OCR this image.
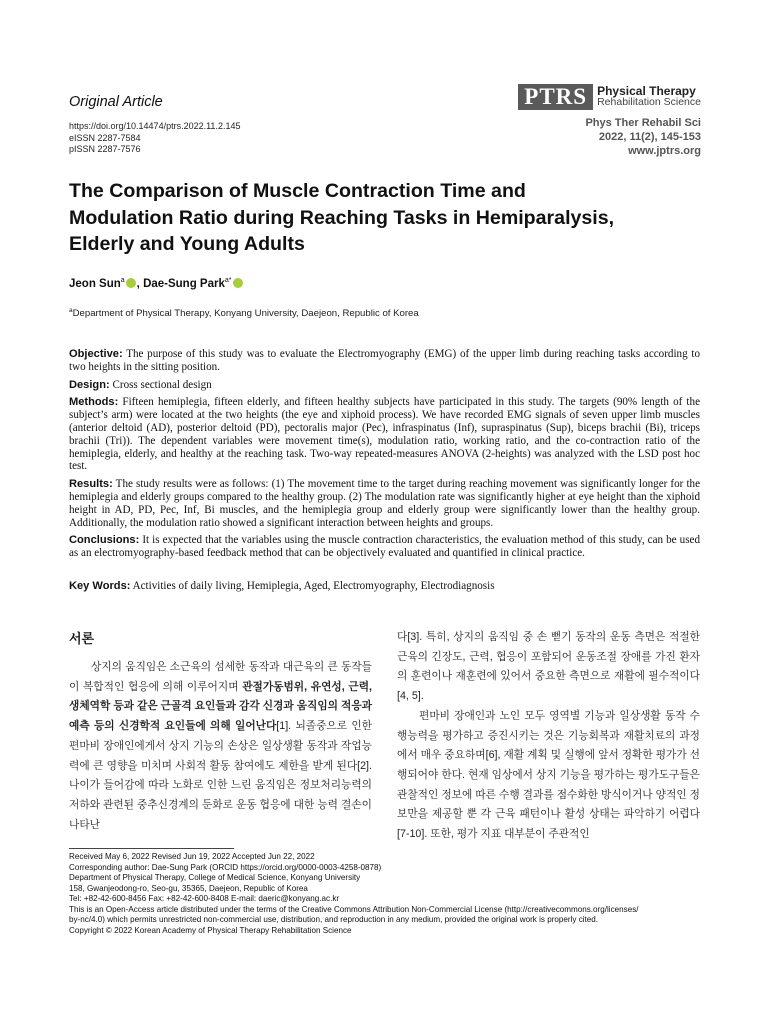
Original Article
https://doi.org/10.14474/ptrs.2022.11.2.145
eISSN 2287-7584
pISSN 2287-7576
PTRS Physical Therapy
Rehabilitation Science
Phys Ther Rehabil Sci
2022, 11(2), 145-153
www.jptrs.org
The Comparison of Muscle Contraction Time and
Modulation Ratio during Reaching Tasks in Hemiparalysis,
Elderly and Young Adults
Jeon Sun$^a$ , Dae-Sung Park$^{a*}$
$^a$Department of Physical Therapy, Konyang University, Daejeon, Republic of Korea

Objective: The purpose of this study was to evaluate the Electromyography (EMG) of the upper limb during reaching tasks according to two heights in the sitting position.

Design: Cross sectional design

Methods: Fifteen hemiplegia, fifteen elderly, and fifteen healthy subjects have participated in this study. The targets (90% length of the subject’s arm) were located at the two heights (the eye and xiphoid process). We have recorded EMG signals of seven upper limb muscles (anterior deltoid (AD), posterior deltoid (PD), pectoralis major (Pec), infraspinatus (Inf), supraspinatus (Sup), biceps brachii (Bi), triceps brachii (Tri)). The dependent variables were movement time(s), modulation ratio, working ratio, and the co-contraction ratio of the hemiplegia, elderly, and healthy at the reaching task. Two-way repeated-measures ANOVA (2-heights) was analyzed with the LSD post hoc test.

Results: The study results were as follows: (1) The movement time to the target during reaching movement was significantly longer for the hemiplegia and elderly groups compared to the healthy group. (2) The modulation rate was significantly higher at eye height than the xiphoid height in AD, PD, Pec, Inf, Bi muscles, and the hemiplegia group and elderly group were significantly lower than the healthy group. Additionally, the modulation ratio showed a significant interaction between heights and groups.

Conclusions: It is expected that the variables using the muscle contraction characteristics, the evaluation method of this study, can be used as an electromyography-based feedback method that can be objectively evaluated and quantified in clinical practice.

Key Words: Activities of daily living, Hemiplegia, Aged, Electromyography, Electrodiagnosis
서론

상지의 움직임은 소근육의 섬세한 동작과 대근육의 큰 동작들이 복합적인 협응에 의해 이루어지며 관절가동범위, 유연성, 근력, 생체역학 등과 같은 근골격 요인들과 감각 신경과 움직임의 적응과 예측 등의 신경학적 요인들에 의해 일어난다[1]. 뇌졸중으로 인한 편마비 장애인에게서 상지 기능의 손상은 일상생활 동작과 작업능력에 큰 영향을 미치며 사회적 활동 참여에도 제한을 받게 된다[2]. 나이가 들어감에 따라 노화로 인한 느린 움직임은 정보처리능력의 저하와 관련된 중추신경계의 둔화로 운동 협응에 대한 능력 결손이 나타난

다[3]. 특히, 상지의 움직임 중 손 뻗기 동작의 운동 측면은 적절한 근육의 긴장도, 근력, 협응이 포함되어 운동조절 장애를 가진 환자의 훈련이나 재훈련에 있어서 중요한 측면으로 재활에 필수적이다[4, 5].

편마비 장애인과 노인 모두 영역별 기능과 일상생활 동작 수행능력을 평가하고 증진시키는 것은 기능회복과 재활치료의 과정에서 매우 중요하며[6], 재활 계획 및 실행에 앞서 정확한 평가가 선행되어야 한다. 현재 임상에서 상지 기능을 평가하는 평가도구들은 관찰적인 정보에 따른 수행 결과를 점수화한 방식이거나 양적인 정보만을 제공할 뿐 각 근육 패턴이나 활성 상태는 파악하기 어렵다[7-10]. 또한, 평가 지표 대부분이 주관적인

Received May 6, 2022 Revised Jun 19, 2022 Accepted Jun 22, 2022
Corresponding author: Dae-Sung Park (ORCID https://orcid.org/0000-0003-4258-0878)
Department of Physical Therapy, College of Medical Science, Konyang University
158, Gwanjeodong-ro, Seo-gu, 35365, Daejeon, Republic of Korea
Tel: +82-42-600-8456 Fax: +82-42-600-8408 E-mail: daeric@konyang.ac.kr
This is an Open-Access article distributed under the terms of the Creative Commons Attribution Non-Commercial License (http://creativecommons.org/licenses/
by-nc/4.0) which permits unrestricted non-commercial use, distribution, and reproduction in any medium, provided the original work is properly cited.
Copyright © 2022 Korean Academy of Physical Therapy Rehabilitation Science
